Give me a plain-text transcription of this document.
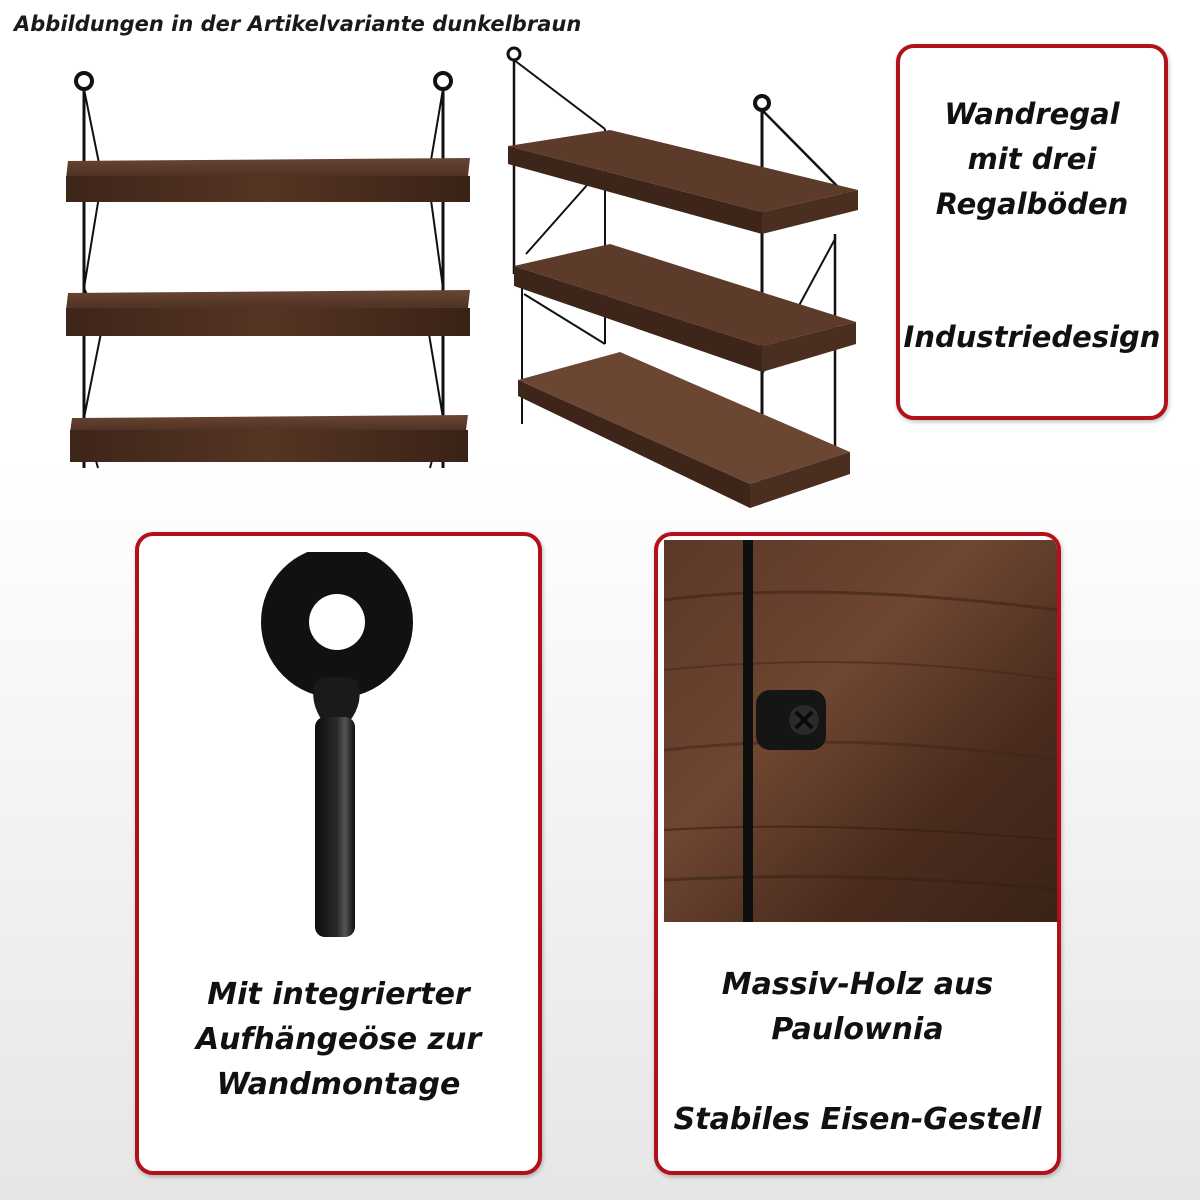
Abbildungen in der Artikelvariante dunkelbraun
Wandregal
mit drei
Regalböden
Industriedesign
Mit integrierter
Aufhängeöse zur
Wandmontage
Massiv-Holz aus
Paulownia
Stabiles Eisen-Gestell
